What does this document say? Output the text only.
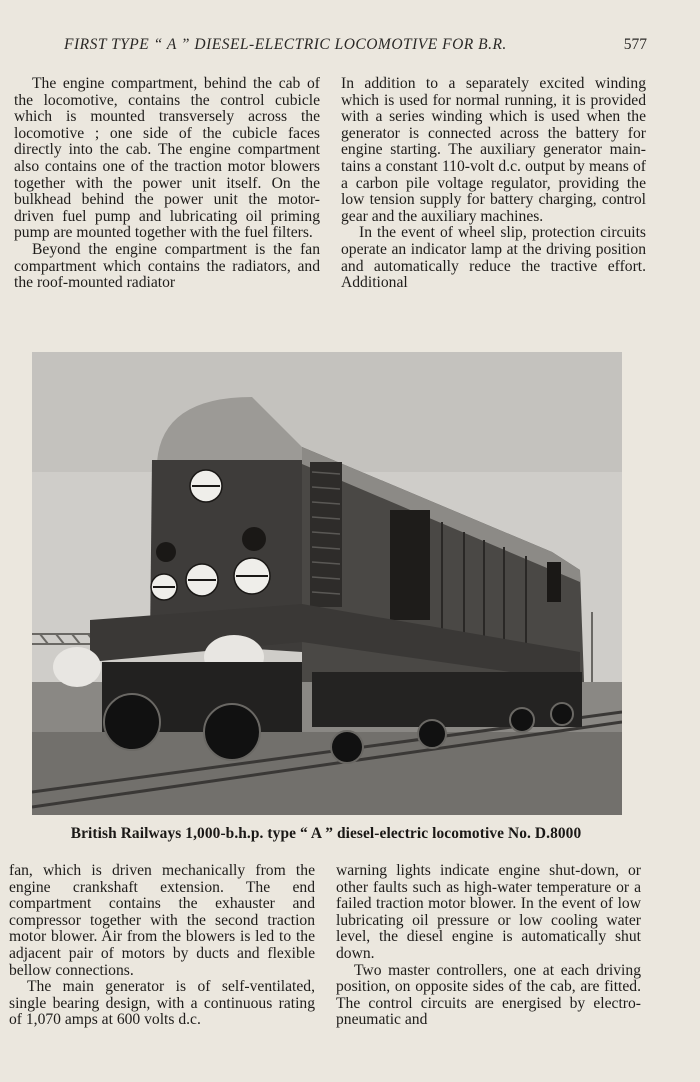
FIRST TYPE “ A ” DIESEL-ELECTRIC LOCOMOTIVE FOR B.R.	577

The engine compartment, behind the cab of the locomotive, contains the control cubicle which is mounted transversely across the locomotive ; one side of the cubicle faces directly into the cab. The engine compartment also contains one of the traction motor blowers together with the power unit itself. On the bulkhead behind the power unit the motor-driven fuel pump and lubricating oil priming pump are mounted together with the fuel filters.

Beyond the engine compartment is the fan compartment which contains the radiators, and the roof-mounted radiator

In addition to a separately excited winding which is used for normal running, it is provided with a series winding which is used when the generator is connected across the battery for engine starting. The auxiliary generator maintains a constant 110-volt d.c. output by means of a carbon pile voltage regulator, providing the low tension supply for battery charging, control gear and the auxiliary machines.

In the event of wheel slip, protection circuits operate an indicator lamp at the driving position and automatically reduce the tractive effort. Additional

British Railways 1,000-b.h.p. type “ A ” diesel-electric locomotive No. D.8000

fan, which is driven mechanically from the engine crankshaft extension. The end compartment contains the exhauster and compressor together with the second traction motor blower. Air from the blowers is led to the adjacent pair of motors by ducts and flexible bellow connections.

The main generator is of self-ventilated, single bearing design, with a continuous rating of 1,070 amps at 600 volts d.c.

warning lights indicate engine shut-down, or other faults such as high-water temperature or a failed traction motor blower. In the event of low lubricating oil pressure or low cooling water level, the diesel engine is automatically shut down.

Two master controllers, one at each driving position, on opposite sides of the cab, are fitted. The control circuits are energised by electro-pneumatic and
